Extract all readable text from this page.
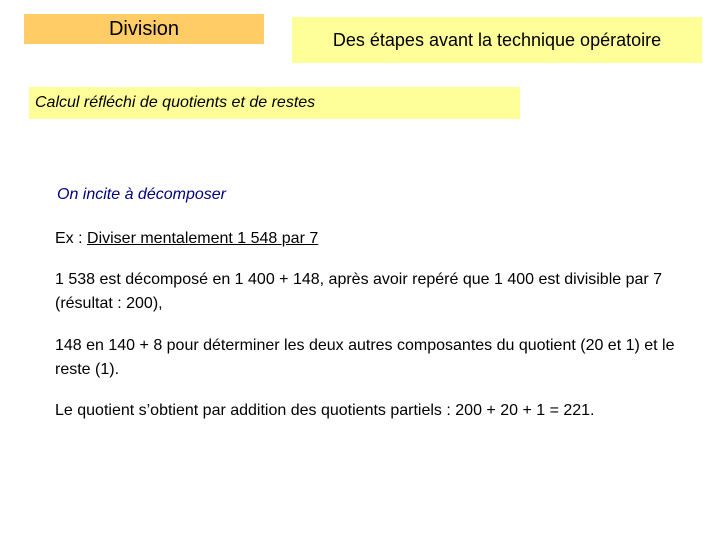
Division	Des étapes avant la technique opératoire
Calcul réfléchi de quotients et de restes
On incite à décomposer
Ex : Diviser mentalement 1 548 par 7
1 538 est décomposé en 1 400 + 148, après avoir repéré que 1 400 est divisible par 7 (résultat : 200),
148 en 140 + 8 pour déterminer les deux autres composantes du quotient (20 et 1) et le reste (1).
Le quotient s’obtient par addition des quotients partiels : 200 + 20 + 1 = 221.
